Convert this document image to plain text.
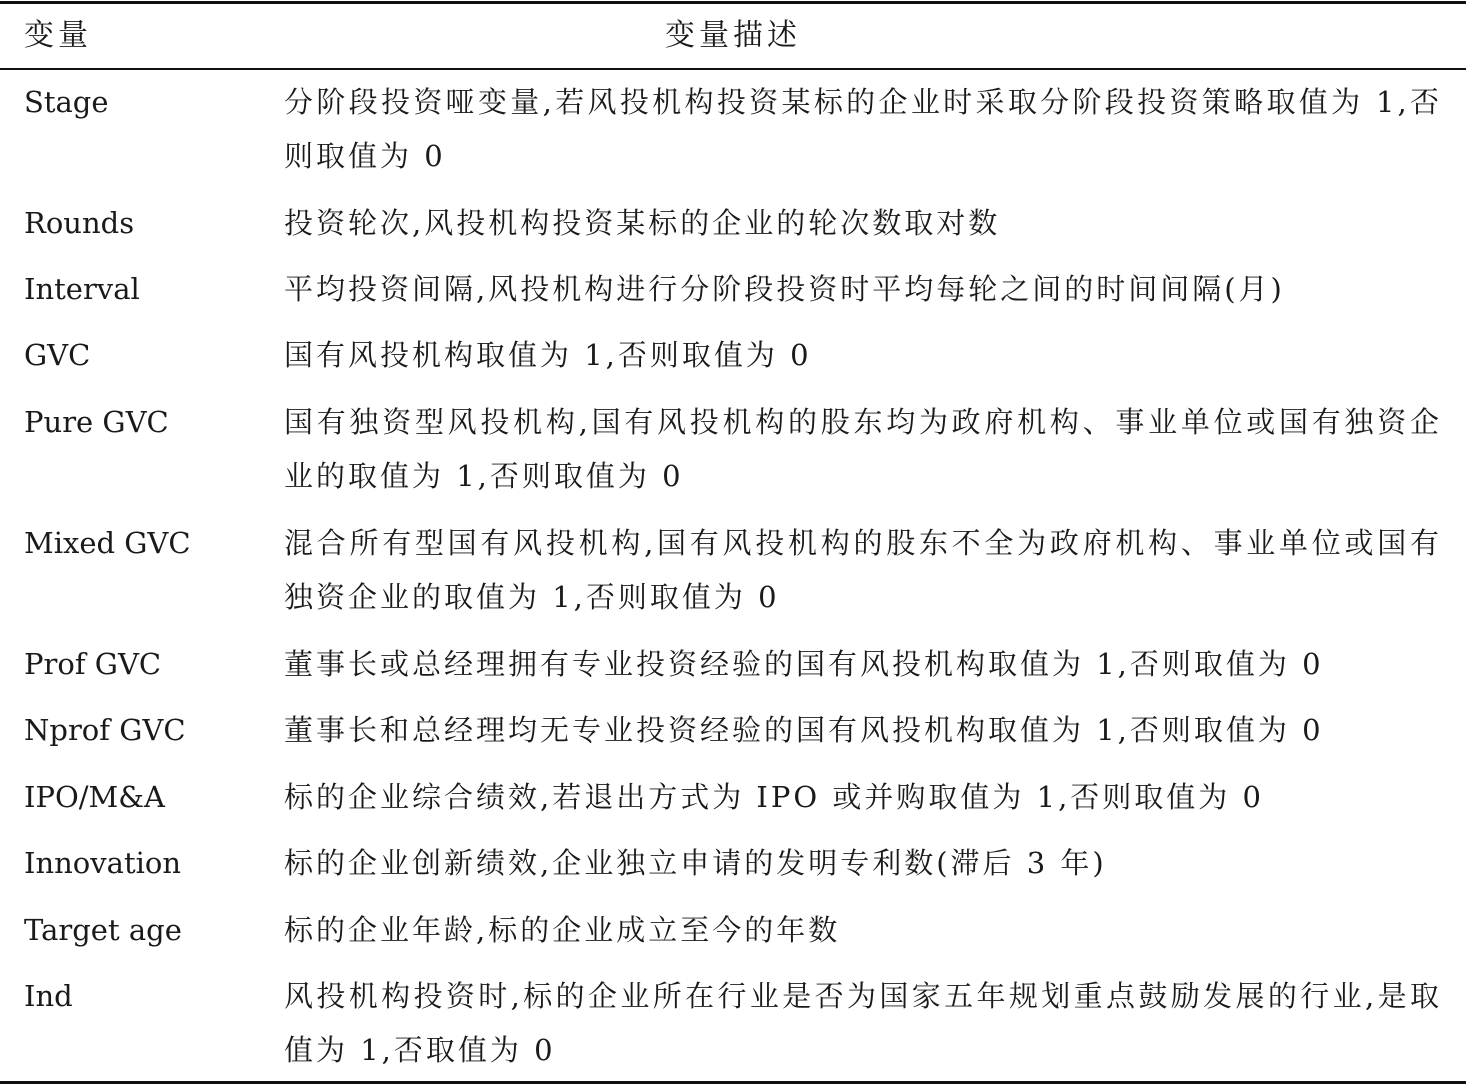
变量	变量描述
Stage	分阶段投资哑变量,若风投机构投资某标的企业时采取分阶段投资策略取值为 1,否则取值为 0
Rounds	投资轮次,风投机构投资某标的企业的轮次数取对数
Interval	平均投资间隔,风投机构进行分阶段投资时平均每轮之间的时间间隔(月)
GVC	国有风投机构取值为 1,否则取值为 0
Pure GVC	国有独资型风投机构,国有风投机构的股东均为政府机构、事业单位或国有独资企业的取值为 1,否则取值为 0
Mixed GVC	混合所有型国有风投机构,国有风投机构的股东不全为政府机构、事业单位或国有独资企业的取值为 1,否则取值为 0
Prof GVC	董事长或总经理拥有专业投资经验的国有风投机构取值为 1,否则取值为 0
Nprof GVC	董事长和总经理均无专业投资经验的国有风投机构取值为 1,否则取值为 0
IPO/M&A	标的企业综合绩效,若退出方式为 IPO 或并购取值为 1,否则取值为 0
Innovation	标的企业创新绩效,企业独立申请的发明专利数(滞后 3 年)
Target age	标的企业年龄,标的企业成立至今的年数
Ind	风投机构投资时,标的企业所在行业是否为国家五年规划重点鼓励发展的行业,是取值为 1,否取值为 0
